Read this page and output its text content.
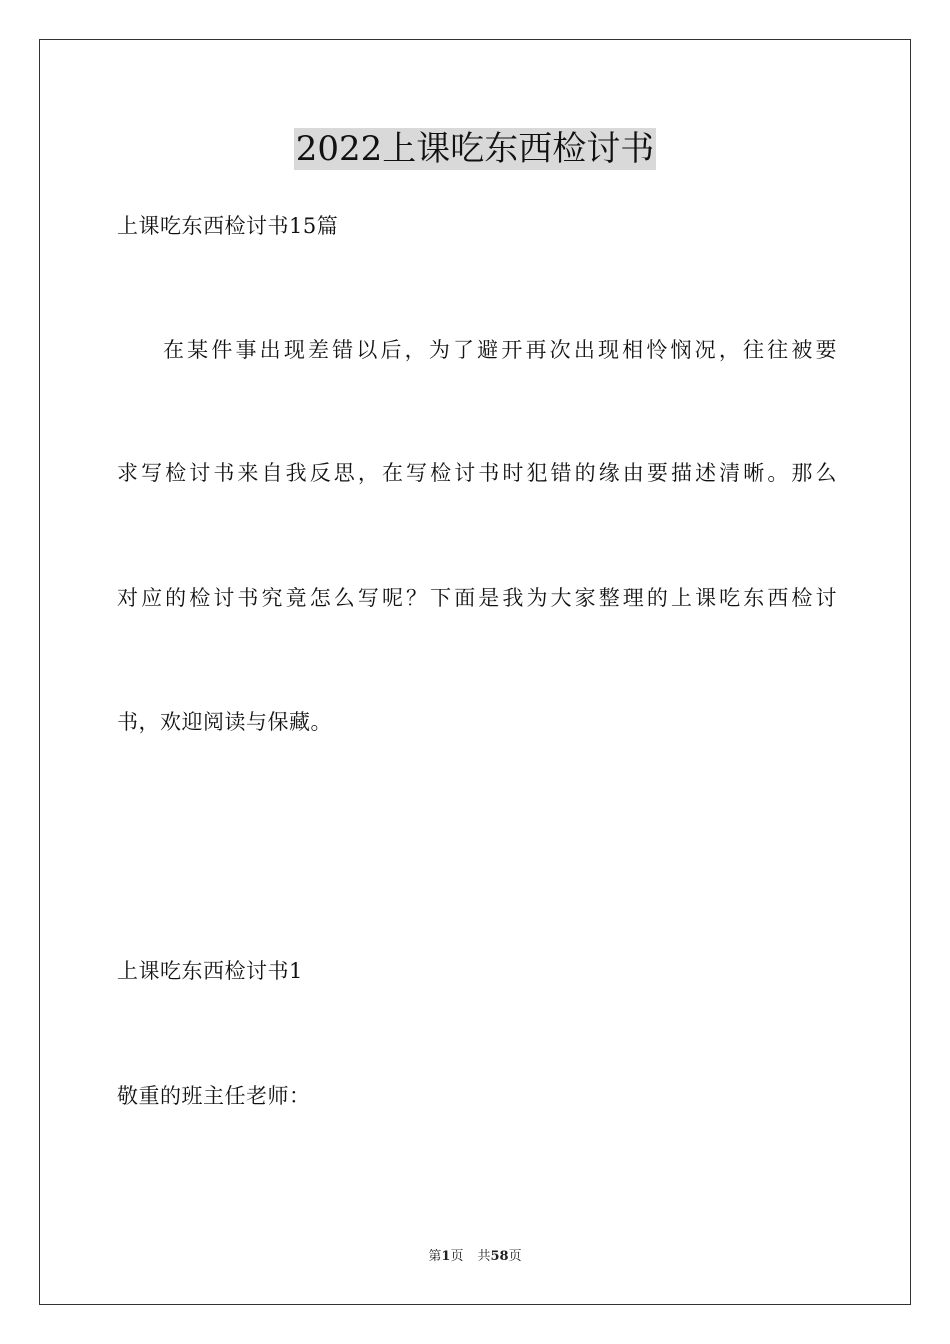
2022上课吃东西检讨书
上课吃东西检讨书15篇
在某件事出现差错以后，为了避开再次出现相怜悯况，往往被要
求写检讨书来自我反思，在写检讨书时犯错的缘由要描述清晰。那么
对应的检讨书究竟怎么写呢？下面是我为大家整理的上课吃东西检讨
书，欢迎阅读与保藏。
上课吃东西检讨书1
敬重的班主任老师：
第1页 共58页
